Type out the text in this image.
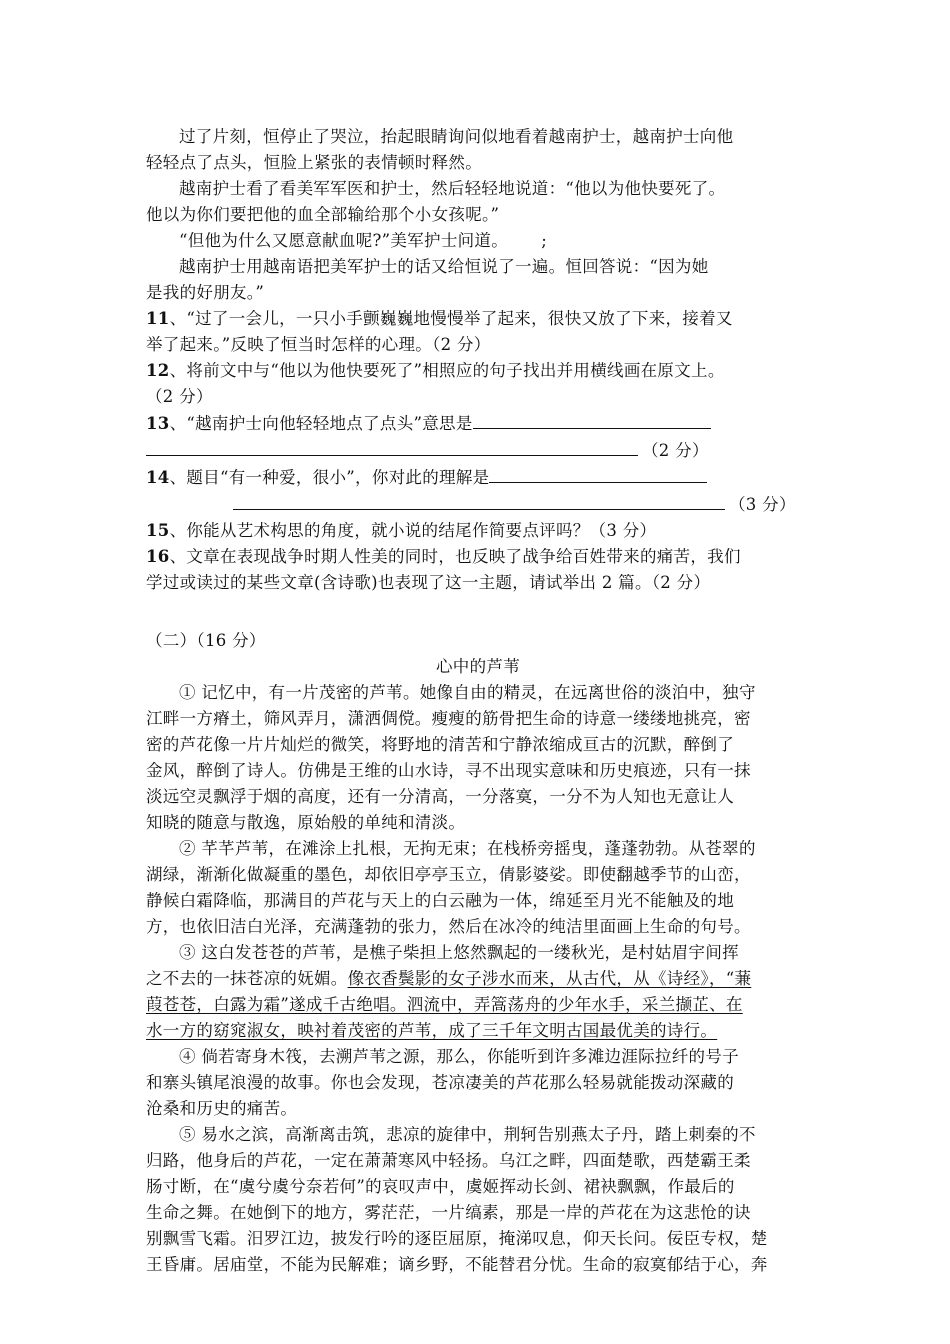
过了片刻，恒停止了哭泣，抬起眼睛询问似地看着越南护士，越南护士向他
轻轻点了点头，恒脸上紧张的表情顿时释然。
越南护士看了看美军军医和护士，然后轻轻地说道：“他以为他快要死了。
他以为你们要把他的血全部输给那个小女孩呢。”
“但他为什么又愿意献血呢?”美军护士问道。      ;
越南护士用越南语把美军护士的话又给恒说了一遍。恒回答说：“因为她
是我的好朋友。”
11、“过了一会儿，一只小手颤巍巍地慢慢举了起来，很快又放了下来，接着又
举了起来。”反映了恒当时怎样的心理。（2 分）
12、将前文中与“他以为他快要死了”相照应的句子找出并用横线画在原文上。
（2 分）
13、“越南护士向他轻轻地点了点头”意思是
（2 分）
14、题目“有一种爱，很小”，你对此的理解是
（3 分）
15、你能从艺术构思的角度，就小说的结尾作简要点评吗？（3 分）
16、文章在表现战争时期人性美的同时，也反映了战争给百姓带来的痛苦，我们
学过或读过的某些文章(含诗歌)也表现了这一主题，请试举出 2 篇。（2 分）
（二）（16 分）
心中的芦苇
① 记忆中，有一片茂密的芦苇。她像自由的精灵，在远离世俗的淡泊中，独守
江畔一方瘠土，筛风弄月，潇洒倜傥。瘦瘦的筋骨把生命的诗意一缕缕地挑亮，密
密的芦花像一片片灿烂的微笑，将野地的清苦和宁静浓缩成亘古的沉默，醉倒了
金风，醉倒了诗人。仿佛是王维的山水诗，寻不出现实意味和历史痕迹，只有一抹
淡远空灵飘浮于烟的高度，还有一分清高，一分落寞，一分不为人知也无意让人
知晓的随意与散逸，原始般的单纯和清淡。
② 芊芊芦苇，在滩涂上扎根，无拘无束；在栈桥旁摇曳，蓬蓬勃勃。从苍翠的
湖绿，渐渐化做凝重的墨色，却依旧亭亭玉立，倩影婆娑。即使翻越季节的山峦，
静候白霜降临，那满目的芦花与天上的白云融为一体，绵延至月光不能触及的地
方，也依旧洁白光泽，充满蓬勃的张力，然后在冰冷的纯洁里面画上生命的句号。
③ 这白发苍苍的芦苇，是樵子柴担上悠然飘起的一缕秋光，是村姑眉宇间挥
之不去的一抹苍凉的妩媚。像衣香鬓影的女子涉水而来，从古代，从《诗经》，“蒹
葭苍苍，白露为霜”遂成千古绝唱。泗流中，弄篙荡舟的少年水手，采兰撷芷、在
水一方的窈窕淑女，映衬着茂密的芦苇，成了三千年文明古国最优美的诗行。
④ 倘若寄身木筏，去溯芦苇之源，那么，你能听到许多滩边涯际拉纤的号子
和寨头镇尾浪漫的故事。你也会发现，苍凉凄美的芦花那么轻易就能拨动深藏的
沧桑和历史的痛苦。
⑤ 易水之滨，高渐离击筑，悲凉的旋律中，荆轲告别燕太子丹，踏上刺秦的不
归路，他身后的芦花，一定在萧萧寒风中轻扬。乌江之畔，四面楚歌，西楚霸王柔
肠寸断，在“虞兮虞兮奈若何”的哀叹声中，虞姬挥动长剑、裙袂飘飘，作最后的
生命之舞。在她倒下的地方，雾茫茫，一片缟素，那是一岸的芦花在为这悲怆的诀
别飘雪飞霜。汨罗江边，披发行吟的逐臣屈原，掩涕叹息，仰天长问。佞臣专权，楚
王昏庸。居庙堂，不能为民解难；谪乡野，不能替君分忧。生命的寂寞郁结于心，奔
